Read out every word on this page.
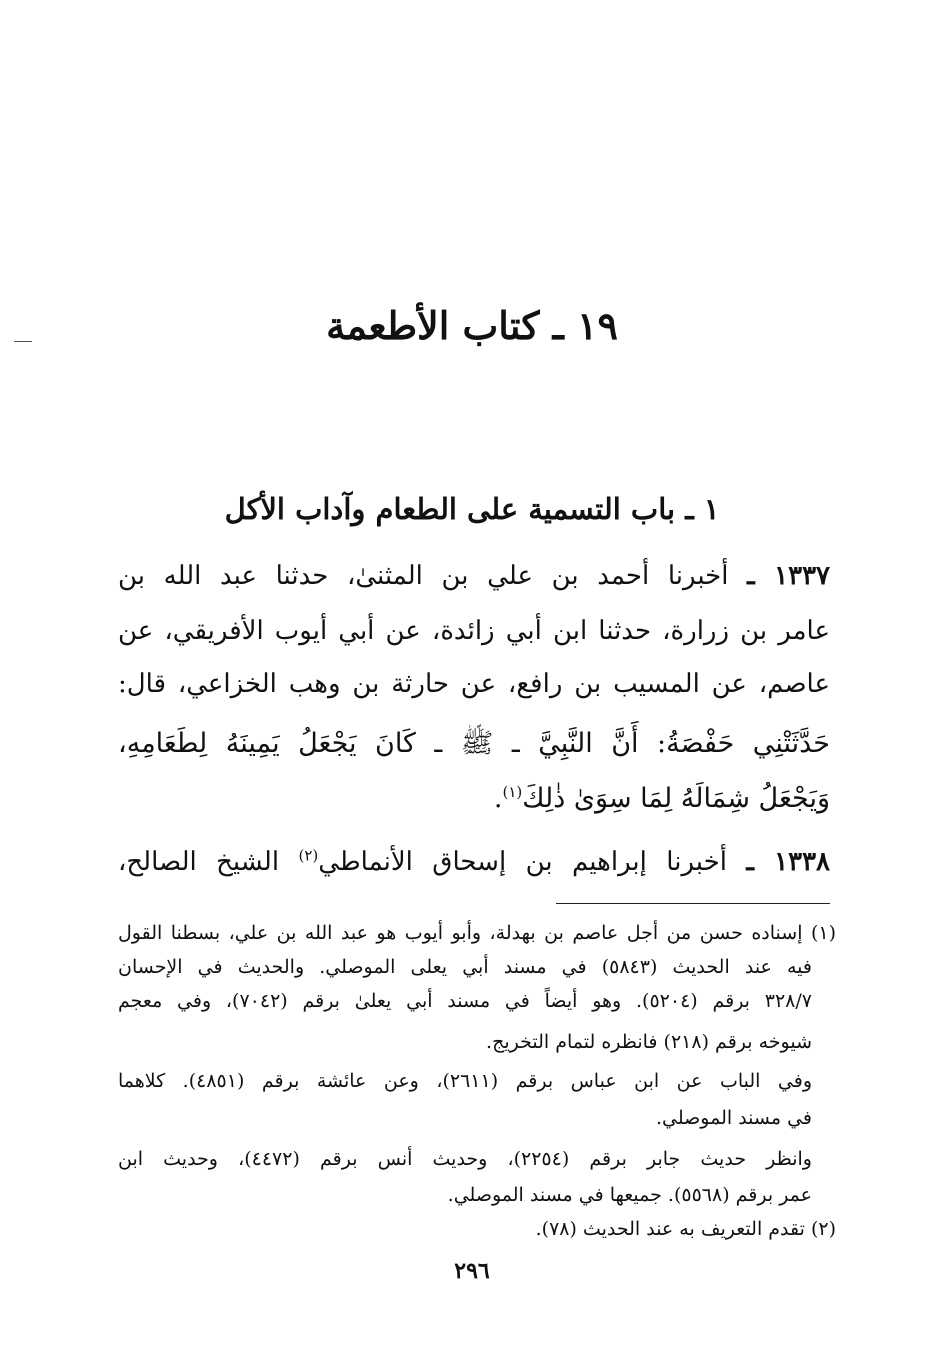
١٩ ـ كتاب الأطعمة
١ ـ باب التسمية على الطعام وآداب الأكل
١٣٣٧ ـ أخبرنا أحمد بن علي بن المثنىٰ، حدثنا عبد الله بن
عامر بن زرارة، حدثنا ابن أبي زائدة، عن أبي أيوب الأفريقي، عن
عاصم، عن المسيب بن رافع، عن حارثة بن وهب الخزاعي، قال:
حَدَّثَتْنِي حَفْصَةُ: أَنَّ النَّبِيَّ ـ ﷺ ـ كَانَ يَجْعَلُ يَمِينَهُ لِطَعَامِهِ،
وَيَجْعَلُ شِمَالَهُ لِمَا سِوَىٰ ذٰلِكَ$^{(١)}$.
١٣٣٨ ـ أخبرنا إبراهيم بن إسحاق الأنماطي$^{(٢)}$ الشيخ الصالح،
(١) إسناده حسن من أجل عاصم بن بهدلة، وأبو أيوب هو عبد الله بن علي، بسطنا القول
فيه عند الحديث (٥٨٤٣) في مسند أبي يعلى الموصلي. والحديث في الإحسان
٣٢٨/٧ برقم (٥٢٠٤). وهو أيضاً في مسند أبي يعلىٰ برقم (٧٠٤٢)، وفي معجم
شيوخه برقم (٢١٨) فانظره لتمام التخريج.
وفي الباب عن ابن عباس برقم (٢٦١١)، وعن عائشة برقم (٤٨٥١). كلاهما
في مسند الموصلي.
وانظر حديث جابر برقم (٢٢٥٤)، وحديث أنس برقم (٤٤٧٢)، وحديث ابن
عمر برقم (٥٥٦٨). جميعها في مسند الموصلي.
(٢) تقدم التعريف به عند الحديث (٧٨).
٢٩٦
